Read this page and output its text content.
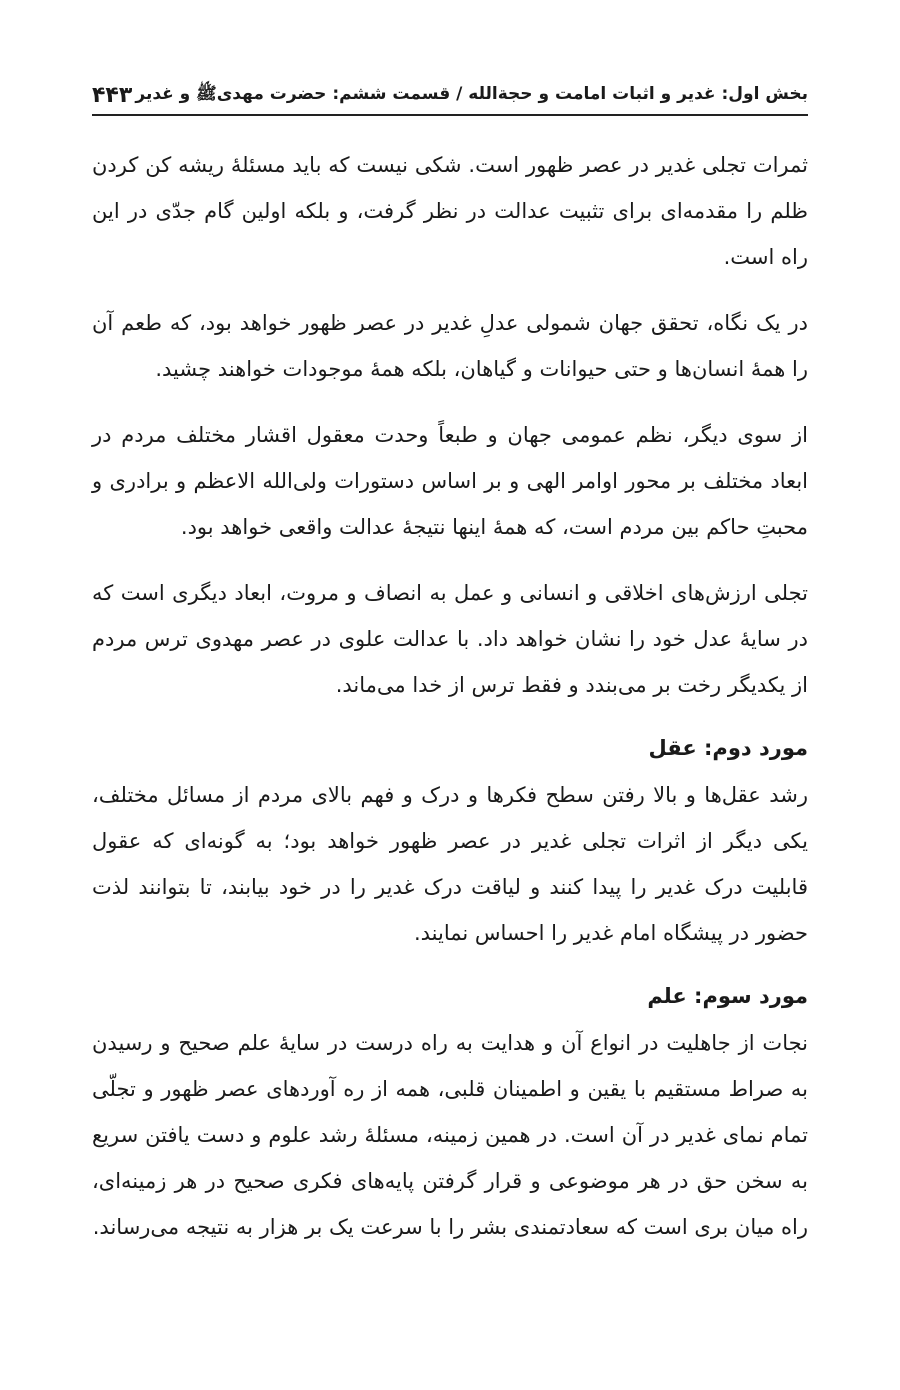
بخش اول: غدیر و اثبات امامت و حجةالله / قسمت ششم: حضرت مهدیﷺ و غدیر
۴۴۳

ثمرات تجلی غدیر در عصر ظهور است. شکی نیست که باید مسئلهٔ ریشه کن کردن ظلم را مقدمه‌ای برای تثبیت عدالت در نظر گرفت، و بلکه اولین گام جدّی در این راه است.

در یک نگاه، تحقق جهان شمولی عدلِ غدیر در عصر ظهور خواهد بود، که طعم آن را همهٔ انسان‌ها و حتی حیوانات و گیاهان، بلکه همهٔ موجودات خواهند چشید.

از سوی دیگر، نظم عمومی جهان و طبعاً وحدت معقول اقشار مختلف مردم در ابعاد مختلف بر محور اوامر الهی و بر اساس دستورات ولی‌الله الاعظم و برادری و محبتِ حاکم بین مردم است، که همهٔ اینها نتیجهٔ عدالت واقعی خواهد بود.

تجلی ارزش‌های اخلاقی و انسانی و عمل به انصاف و مروت، ابعاد دیگری است که در سایهٔ عدل خود را نشان خواهد داد. با عدالت علوی در عصر مهدوی ترس مردم از یکدیگر رخت بر می‌بندد و فقط ترس از خدا می‌ماند.

مورد دوم: عقل

رشد عقل‌ها و بالا رفتن سطح فکرها و درک و فهم بالای مردم از مسائل مختلف، یکی دیگر از اثرات تجلی غدیر در عصر ظهور خواهد بود؛ به گونه‌ای که عقول قابلیت درک غدیر را پیدا کنند و لیاقت درک غدیر را در خود بیابند، تا بتوانند لذت حضور در پیشگاه امام غدیر را احساس نمایند.

مورد سوم: علم

نجات از جاهلیت در انواع آن و هدایت به راه درست در سایهٔ علم صحیح و رسیدن به صراط مستقیم با یقین و اطمینان قلبی، همه از ره آوردهای عصر ظهور و تجلّی تمام نمای غدیر در آن است. در همین زمینه، مسئلهٔ رشد علوم و دست یافتن سریع به سخن حق در هر موضوعی و قرار گرفتن پایه‌های فکری صحیح در هر زمینه‌ای، راه میان بری است که سعادتمندی بشر را با سرعت یک بر هزار به نتیجه می‌رساند.
